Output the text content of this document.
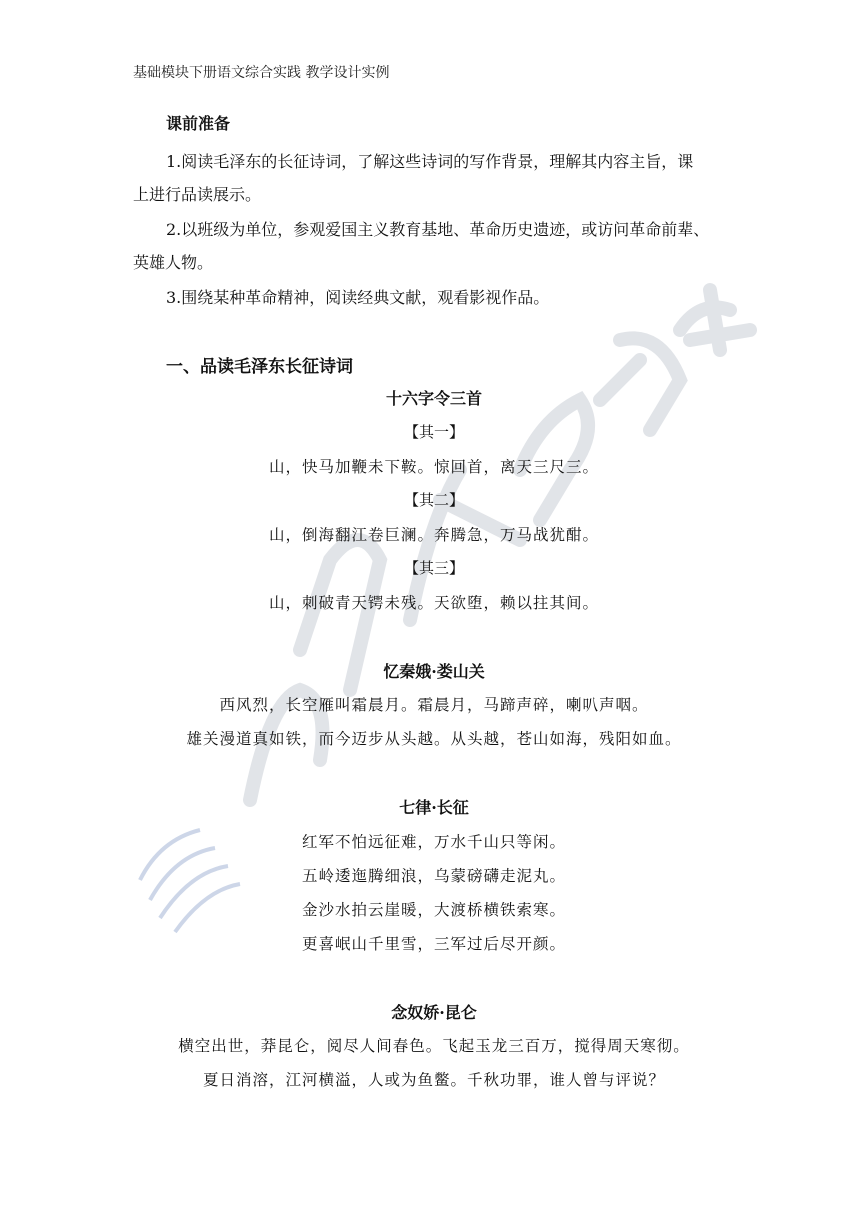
基础模块下册语文综合实践 教学设计实例
课前准备
1.阅读毛泽东的长征诗词，了解这些诗词的写作背景，理解其内容主旨，课
上进行品读展示。
2.以班级为单位，参观爱国主义教育基地、革命历史遗迹，或访问革命前辈、
英雄人物。
3.围绕某种革命精神，阅读经典文献，观看影视作品。
一、品读毛泽东长征诗词
十六字令三首
【其一】
山，快马加鞭未下鞍。惊回首，离天三尺三。
【其二】
山，倒海翻江卷巨澜。奔腾急，万马战犹酣。
【其三】
山，刺破青天锷未残。天欲堕，赖以拄其间。
忆秦娥·娄山关
西风烈，长空雁叫霜晨月。霜晨月，马蹄声碎，喇叭声咽。
雄关漫道真如铁，而今迈步从头越。从头越，苍山如海，残阳如血。
七律·长征
红军不怕远征难，万水千山只等闲。
五岭逶迤腾细浪，乌蒙磅礴走泥丸。
金沙水拍云崖暖，大渡桥横铁索寒。
更喜岷山千里雪，三军过后尽开颜。
念奴娇·昆仑
横空出世，莽昆仑，阅尽人间春色。飞起玉龙三百万，搅得周天寒彻。
夏日消溶，江河横溢，人或为鱼鳖。千秋功罪，谁人曾与评说？
